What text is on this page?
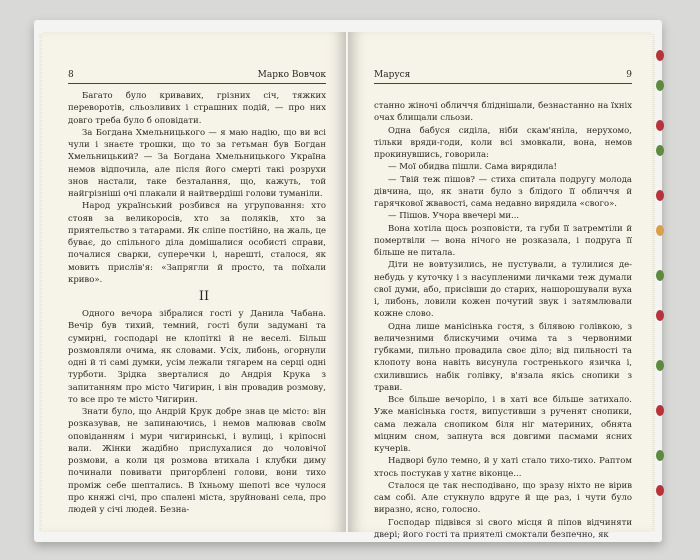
8	Марко Вовчок

Багато було кривавих, грізних січ, тяжких переворотів, сльозливих і страшних подій, — про них довго треба було б оповідати.

За Богдана Хмельницького — я маю надію, що ви всі чули і знаєте трошки, що то за гетьман був Богдан Хмельницький? — За Богдана Хмельницького Україна немов відпочила, але після його смерті такі розрухи знов настали, таке безталання, що, кажуть, той найгрізніші очі плакали й найтвердіші голови туманіли.

Народ український розбився на угруповання: хто стояв за великоросів, хто за поляків, хто за приятельство з татарами. Як сліпе постійно, на жаль, це буває, до спільного діла домішалися особисті справи, почалися сварки, суперечки і, нарешті, сталося, як мовить прислів'я: «Запрягли й просто, та поїхали криво».

II

Одного вечора зібралися гості у Данила Чабана. Вечір був тихий, темний, гості були задумані та сумирні, господарі не клопіткі й не веселі. Більш розмовляли очима, як словами. Усіх, либонь, огорнули одні й ті самі думки, усім лежали тягарем на серці одні турботи. Зрідка зверталися до Андрія Крука з запитанням про місто Чигирин, і він провадив розмову, то все про те місто Чигирин.

Знати було, що Андрій Крук добре знав це місто: він розказував, не запинаючись, і немов малював своїм оповіданням і мури чигиринські, і вулиці, і кріпосні вали. Жінки жадібно прислухалися до чоловічої розмови, а коли ця розмова втихала і клубки диму починали повивати пригорблені голови, вони тихо проміж себе шептались. В їхньому шепоті все чулося про княжі січі, про спалені міста, зруйновані села, про людей у січі людей. Безна-

Маруся	9

станно жіночі обличчя бліднішали, безнастанно на їхніх очах блищали сльози.

Одна бабуся сиділа, ніби скам'яніла, нерухомо, тільки вряди-годи, коли всі змовкали, вона, немов прокинувшись, говорила:

— Мої обидва пішли. Сама вирядила!

— Твій теж пішов? — стиха спитала подругу молода дівчина, що, як знати було з блідого її обличчя й гарячкової жвавості, сама недавно вирядила «свого».

— Пішов. Учора ввечері ми...

Вона хотіла щось розповісти, та губи її затремтіли й помертвіли — вона нічого не розказала, і подруга її більше не питала.

Діти не вовтузились, не пустували, а тулилися де-небудь у куточку і з насупленими личками теж думали свої думи, або, присівши до старих, нашорошували вуха і, либонь, ловили кожен почутий звук і затямлювали кожне слово.

Одна лише манісінька гостя, з білявою голівкою, з величезними блискучими очима та з червоними губками, пильно провадила своє діло; від пильності та клопоту вона навіть висунула гостренького язичка і, схилившись набік голівку, в'язала якісь снопики з трави.

Все більше вечоріло, і в хаті все більше затихало. Уже манісінька гостя, випустивши з рученят снопики, сама лежала снопиком біля ніг материних, обнята міцним сном, запнута вся довгими пасмами ясних кучерів.

Надворі було темно, й у хаті стало тихо-тихо. Раптом хтось постукав у хатнє віконце...

Сталося це так несподівано, що зразу ніхто не вірив сам собі. Але стукнуло вдруге й ще раз, і чути було виразно, ясно, голосно.

Господар підвівся зі свого місця й піпов відчиняти двері; його гості та приятелі смоктали безпечно, як
